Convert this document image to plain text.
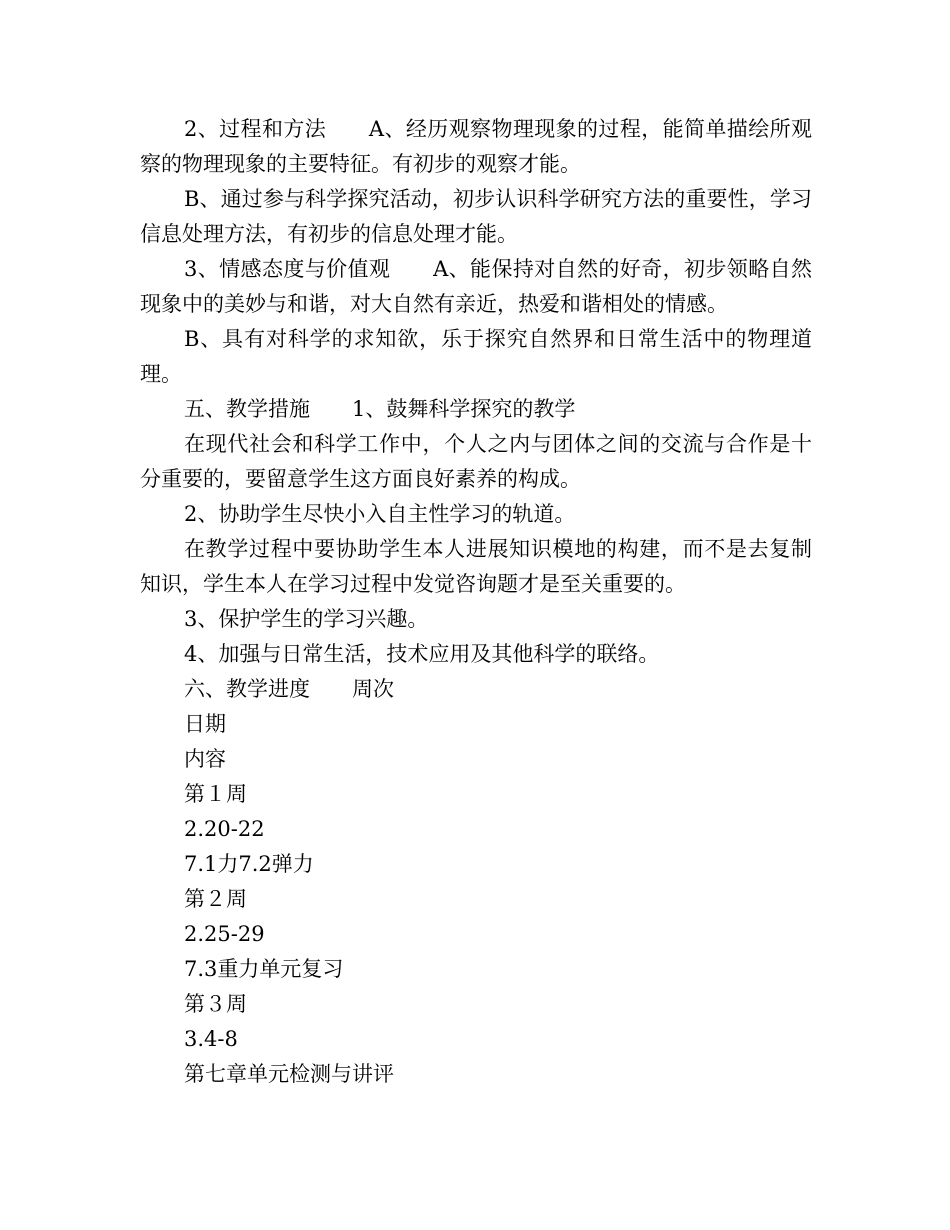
2、过程和方法　　A、经历观察物理现象的过程，能简单描绘所观察的物理现象的主要特征。有初步的观察才能。

B、通过参与科学探究活动，初步认识科学研究方法的重要性，学习信息处理方法，有初步的信息处理才能。

3、情感态度与价值观　　A、能保持对自然的好奇，初步领略自然现象中的美妙与和谐，对大自然有亲近，热爱和谐相处的情感。

B、具有对科学的求知欲，乐于探究自然界和日常生活中的物理道理。

五、教学措施　　1、鼓舞科学探究的教学

在现代社会和科学工作中，个人之内与团体之间的交流与合作是十分重要的，要留意学生这方面良好素养的构成。

2、协助学生尽快小入自主性学习的轨道。

在教学过程中要协助学生本人进展知识模地的构建，而不是去复制知识，学生本人在学习过程中发觉咨询题才是至关重要的。

3、保护学生的学习兴趣。

4、加强与日常生活，技术应用及其他科学的联络。

六、教学进度　　周次

日期

内容

第１周

2.20-22

7.1力7.2弹力

第２周

2.25-29

7.3重力单元复习

第３周

3.4-8

第七章单元检测与讲评
